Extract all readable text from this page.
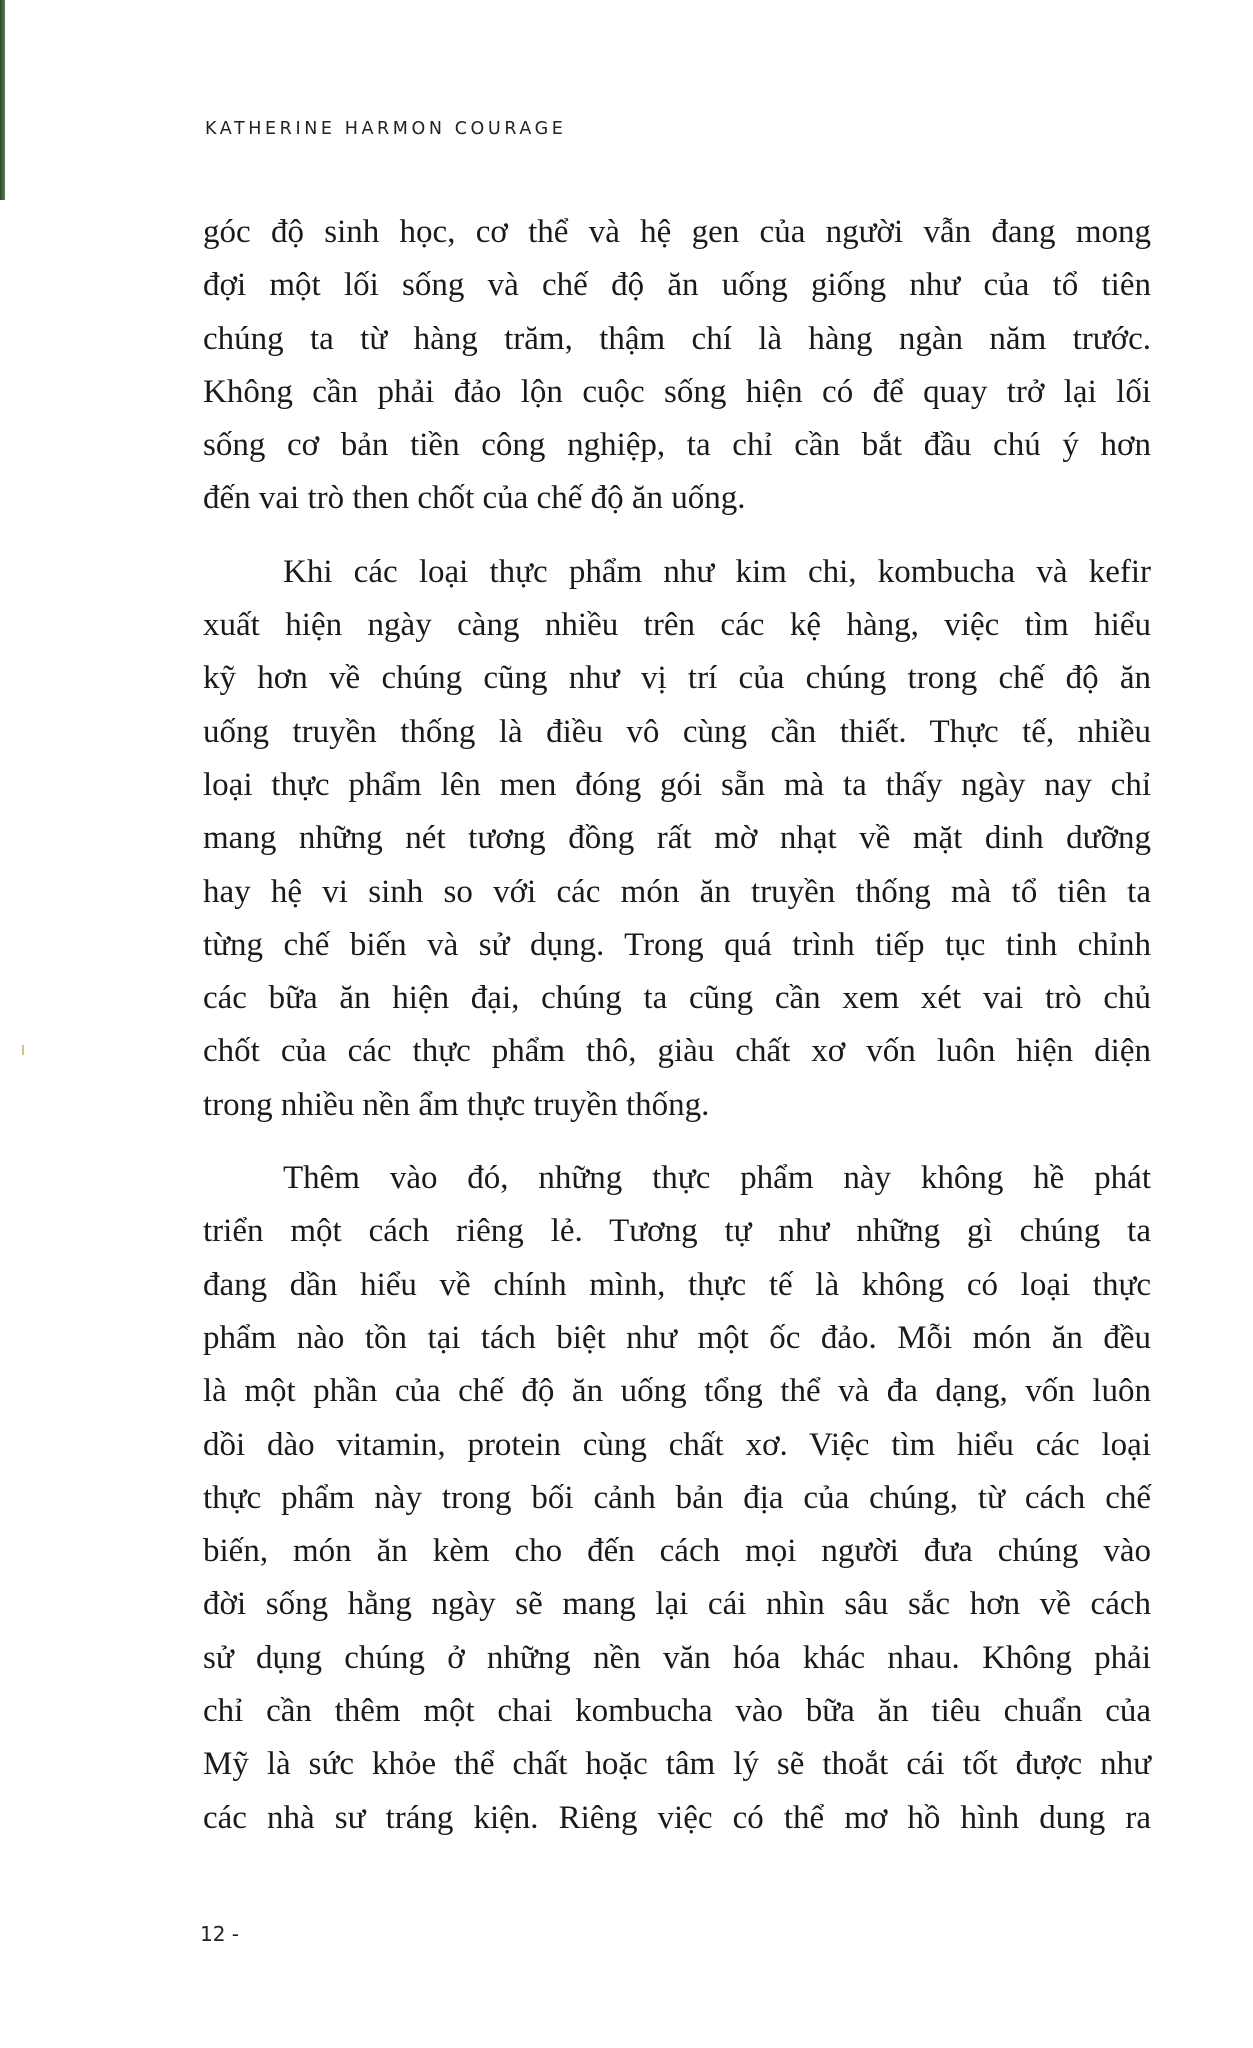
KATHERINE HARMON COURAGE
góc độ sinh học, cơ thể và hệ gen của người vẫn đang mong
đợi một lối sống và chế độ ăn uống giống như của tổ tiên
chúng ta từ hàng trăm, thậm chí là hàng ngàn năm trước.
Không cần phải đảo lộn cuộc sống hiện có để quay trở lại lối
sống cơ bản tiền công nghiệp, ta chỉ cần bắt đầu chú ý hơn
đến vai trò then chốt của chế độ ăn uống.
Khi các loại thực phẩm như kim chi, kombucha và kefir
xuất hiện ngày càng nhiều trên các kệ hàng, việc tìm hiểu
kỹ hơn về chúng cũng như vị trí của chúng trong chế độ ăn
uống truyền thống là điều vô cùng cần thiết. Thực tế, nhiều
loại thực phẩm lên men đóng gói sẵn mà ta thấy ngày nay chỉ
mang những nét tương đồng rất mờ nhạt về mặt dinh dưỡng
hay hệ vi sinh so với các món ăn truyền thống mà tổ tiên ta
từng chế biến và sử dụng. Trong quá trình tiếp tục tinh chỉnh
các bữa ăn hiện đại, chúng ta cũng cần xem xét vai trò chủ
chốt của các thực phẩm thô, giàu chất xơ vốn luôn hiện diện
trong nhiều nền ẩm thực truyền thống.
Thêm vào đó, những thực phẩm này không hề phát
triển một cách riêng lẻ. Tương tự như những gì chúng ta
đang dần hiểu về chính mình, thực tế là không có loại thực
phẩm nào tồn tại tách biệt như một ốc đảo. Mỗi món ăn đều
là một phần của chế độ ăn uống tổng thể và đa dạng, vốn luôn
dồi dào vitamin, protein cùng chất xơ. Việc tìm hiểu các loại
thực phẩm này trong bối cảnh bản địa của chúng, từ cách chế
biến, món ăn kèm cho đến cách mọi người đưa chúng vào
đời sống hằng ngày sẽ mang lại cái nhìn sâu sắc hơn về cách
sử dụng chúng ở những nền văn hóa khác nhau. Không phải
chỉ cần thêm một chai kombucha vào bữa ăn tiêu chuẩn của
Mỹ là sức khỏe thể chất hoặc tâm lý sẽ thoắt cái tốt được như
các nhà sư tráng kiện. Riêng việc có thể mơ hồ hình dung ra
12 -
